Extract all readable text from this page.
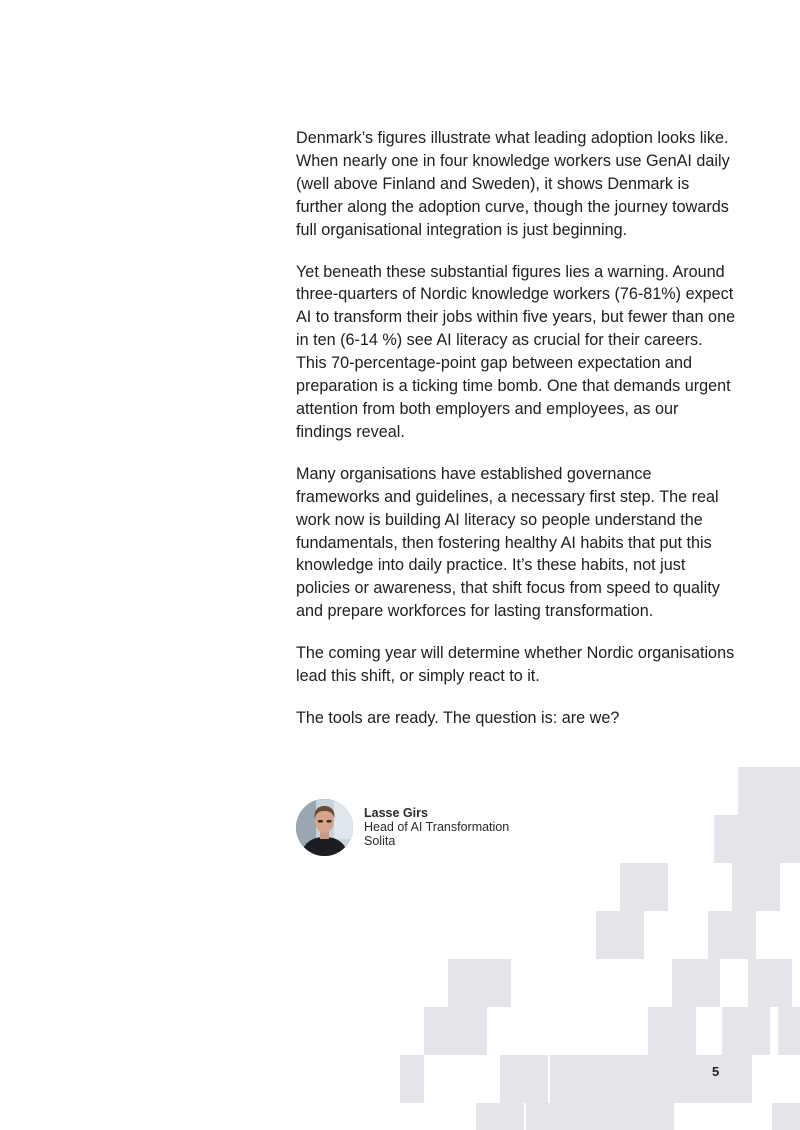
Denmark’s figures illustrate what leading adoption looks like. When nearly one in four knowledge workers use GenAI daily (well above Finland and Sweden), it shows Denmark is further along the adoption curve, though the journey towards full organisational integration is just beginning.

Yet beneath these substantial figures lies a warning. Around three-quarters of Nordic knowledge workers (76-81%) expect AI to transform their jobs within five years, but fewer than one in ten (6-14 %) see AI literacy as crucial for their careers. This 70-percentage-point gap between expectation and preparation is a ticking time bomb. One that demands urgent attention from both employers and employees, as our findings reveal.

Many organisations have established governance frameworks and guidelines, a necessary first step. The real work now is building AI literacy so people understand the fundamentals, then fostering healthy AI habits that put this knowledge into daily practice. It’s these habits, not just policies or awareness, that shift focus from speed to quality and prepare workforces for lasting transformation.

The coming year will determine whether Nordic organisations lead this shift, or simply react to it.

The tools are ready. The question is: are we?

Lasse Girs
Head of AI Transformation
Solita
5
